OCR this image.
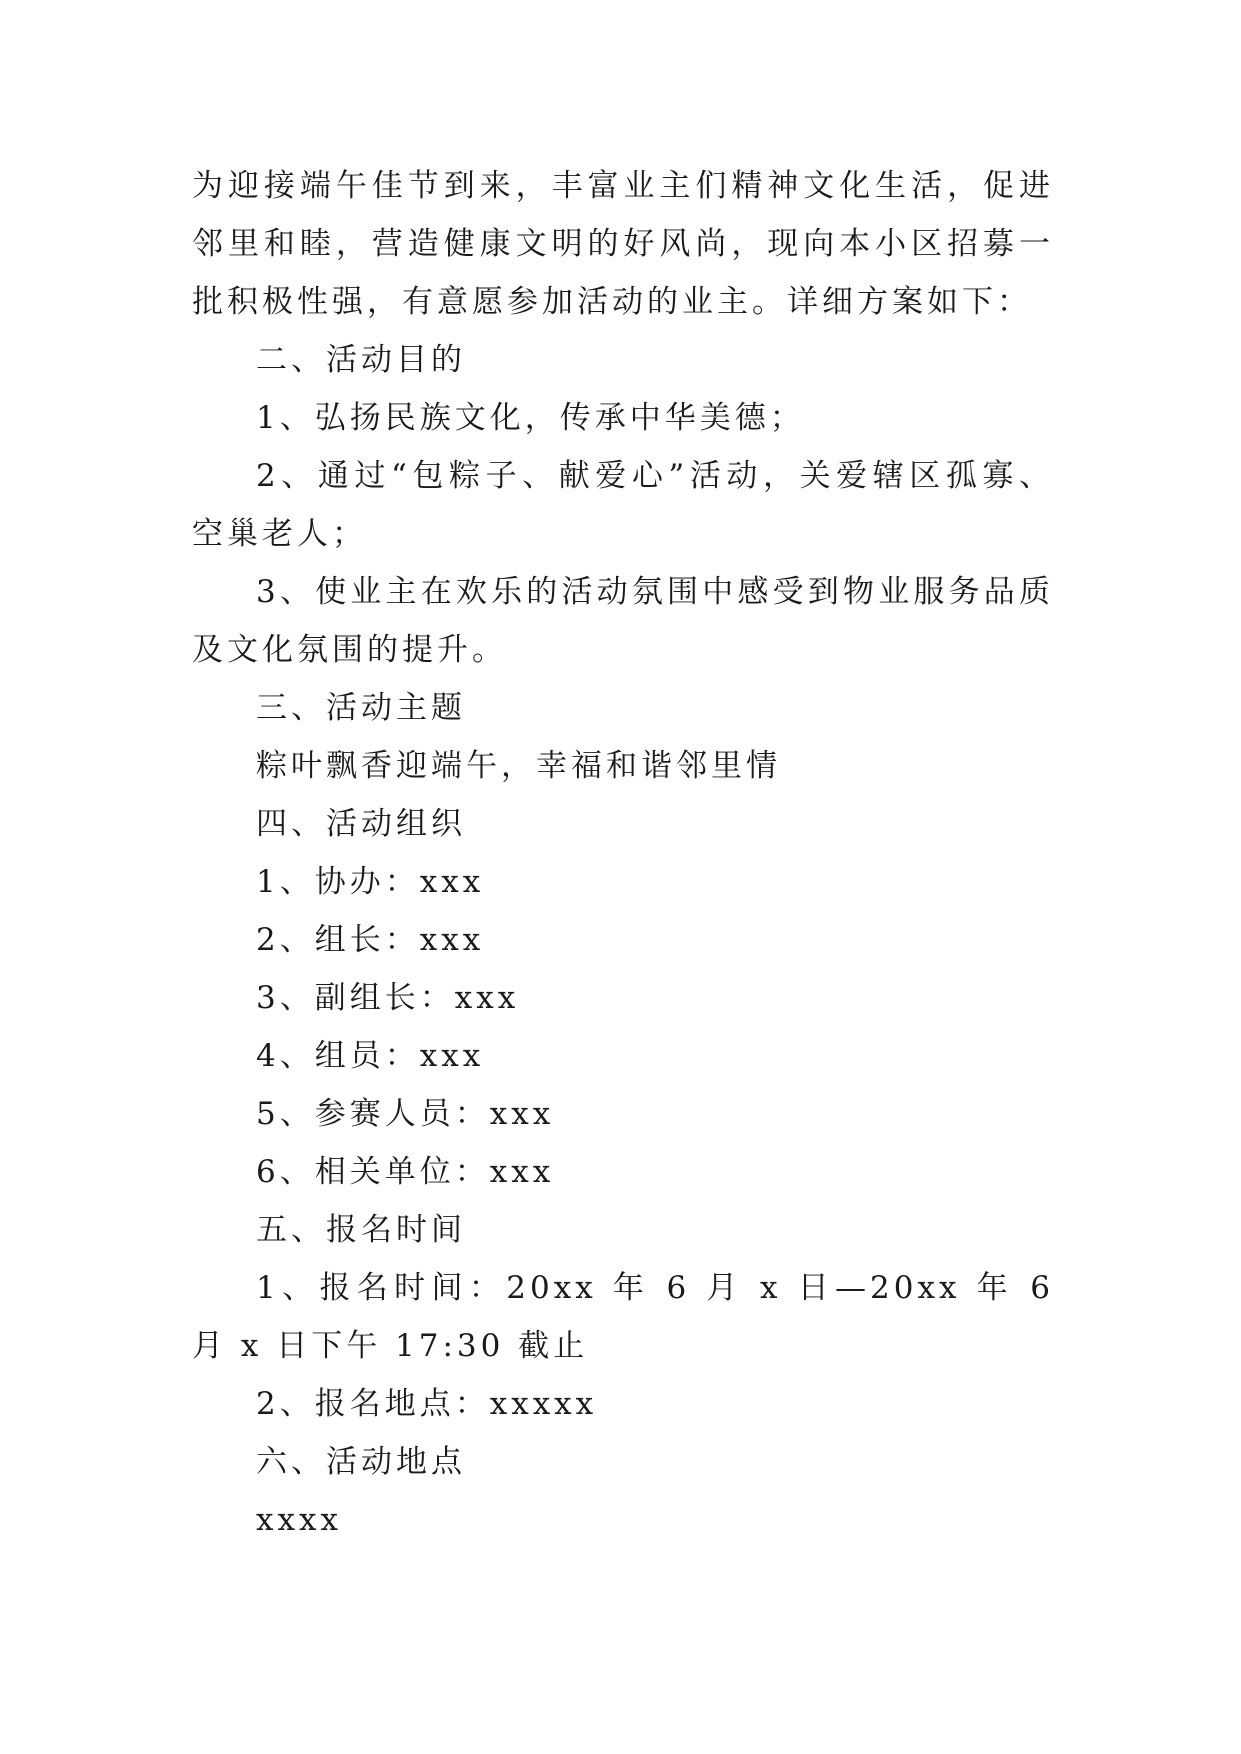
为迎接端午佳节到来，丰富业主们精神文化生活，促进邻里和睦，营造健康文明的好风尚，现向本小区招募一批积极性强，有意愿参加活动的业主。详细方案如下：

二、活动目的

1、弘扬民族文化，传承中华美德；

2、通过“包粽子、献爱心”活动，关爱辖区孤寡、空巢老人；

3、使业主在欢乐的活动氛围中感受到物业服务品质及文化氛围的提升。

三、活动主题

粽叶飘香迎端午，幸福和谐邻里情

四、活动组织

1、协办：xxx

2、组长：xxx

3、副组长：xxx

4、组员：xxx

5、参赛人员：xxx

6、相关单位：xxx

五、报名时间

1、报名时间：20xx 年 6 月 x 日—20xx 年 6 月 x 日下午 17:30 截止

2、报名地点：xxxxx

六、活动地点

xxxx
